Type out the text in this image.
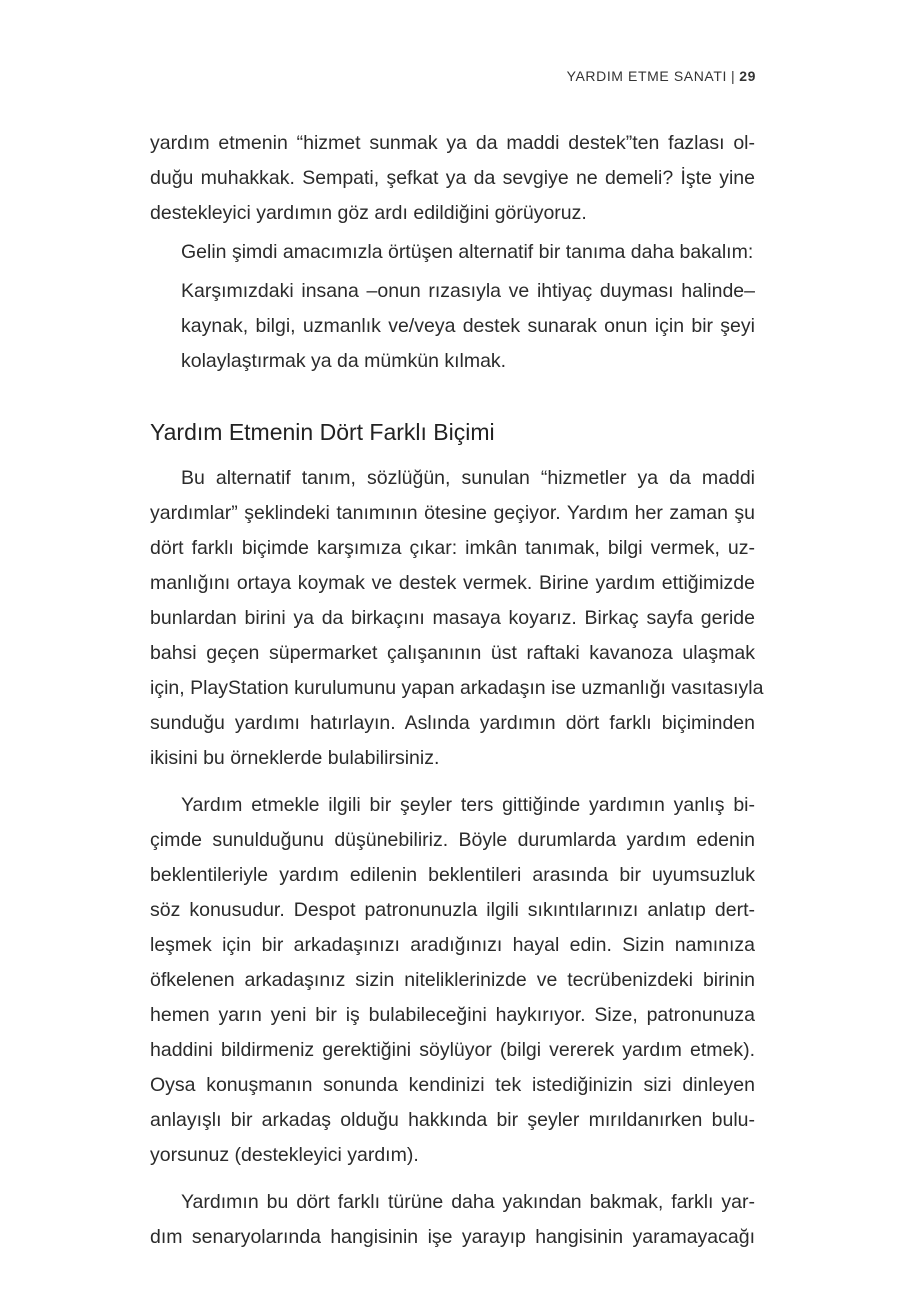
YARDIM ETME SANATI | 29
yardım etmenin “hizmet sunmak ya da maddi destek”ten fazlası ol-
duğu muhakkak. Sempati, şefkat ya da sevgiye ne demeli? İşte yine
destekleyici yardımın göz ardı edildiğini görüyoruz.
Gelin şimdi amacımızla örtüşen alternatif bir tanıma daha bakalım:
Karşımızdaki insana –onun rızasıyla ve ihtiyaç duyması halinde–
kaynak, bilgi, uzmanlık ve/veya destek sunarak onun için bir şeyi
kolaylaştırmak ya da mümkün kılmak.
Yardım Etmenin Dört Farklı Biçimi
Bu alternatif tanım, sözlüğün, sunulan “hizmetler ya da maddi
yardımlar” şeklindeki tanımının ötesine geçiyor. Yardım her zaman şu
dört farklı biçimde karşımıza çıkar: imkân tanımak, bilgi vermek, uz-
manlığını ortaya koymak ve destek vermek. Birine yardım ettiğimizde
bunlardan birini ya da birkaçını masaya koyarız. Birkaç sayfa geride
bahsi geçen süpermarket çalışanının üst raftaki kavanoza ulaşmak
için, PlayStation kurulumunu yapan arkadaşın ise uzmanlığı vasıtasıyla
sunduğu yardımı hatırlayın. Aslında yardımın dört farklı biçiminden
ikisini bu örneklerde bulabilirsiniz.
Yardım etmekle ilgili bir şeyler ters gittiğinde yardımın yanlış bi-
çimde sunulduğunu düşünebiliriz. Böyle durumlarda yardım edenin
beklentileriyle yardım edilenin beklentileri arasında bir uyumsuzluk
söz konusudur. Despot patronunuzla ilgili sıkıntılarınızı anlatıp dert-
leşmek için bir arkadaşınızı aradığınızı hayal edin. Sizin namınıza
öfkelenen arkadaşınız sizin niteliklerinizde ve tecrübenizdeki birinin
hemen yarın yeni bir iş bulabileceğini haykırıyor. Size, patronunuza
haddini bildirmeniz gerektiğini söylüyor (bilgi vererek yardım etmek).
Oysa konuşmanın sonunda kendinizi tek istediğinizin sizi dinleyen
anlayışlı bir arkadaş olduğu hakkında bir şeyler mırıldanırken bulu-
yorsunuz (destekleyici yardım).
Yardımın bu dört farklı türüne daha yakından bakmak, farklı yar-
dım senaryolarında hangisinin işe yarayıp hangisinin yaramayacağı
